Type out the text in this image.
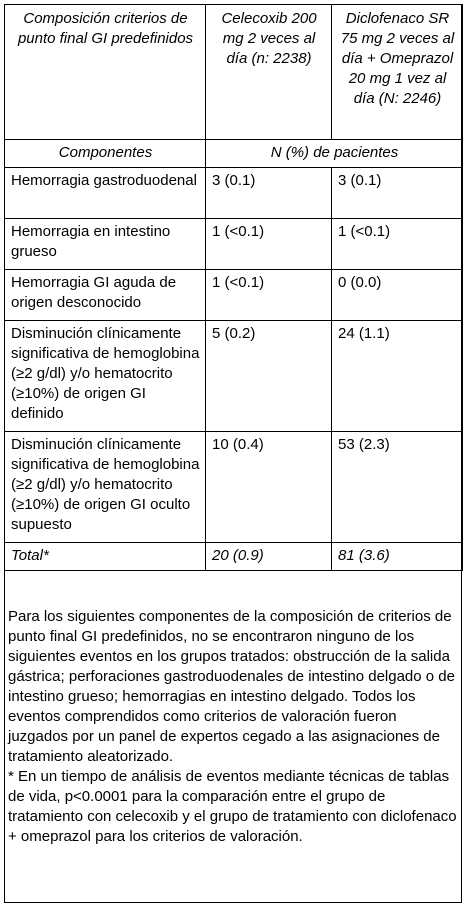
Composición criterios de punto final GI predefinidos	Celecoxib 200 mg 2 veces al día (n: 2238)	Diclofenaco SR 75 mg 2 veces al día + Omeprazol 20 mg 1 vez al día (N: 2246)
Componentes	N (%) de pacientes	
Hemorragia gastroduodenal	3 (0.1)	3 (0.1)
Hemorragia en intestino grueso	1 (<0.1)	1 (<0.1)
Hemorragia GI aguda de origen desconocido	1 (<0.1)	0 (0.0)
Disminución clínicamente significativa de hemoglobina (≥2 g/dl) y/o hematocrito (≥10%) de origen GI definido	5 (0.2)	24 (1.1)
Disminución clínicamente significativa de hemoglobina (≥2 g/dl) y/o hematocrito (≥10%) de origen GI oculto supuesto	10 (0.4)	53 (2.3)
Total*	20 (0.9)	81 (3.6)

Para los siguientes componentes de la composición de criterios de punto final GI predefinidos, no se encontraron ninguno de los siguientes eventos en los grupos tratados: obstrucción de la salida gástrica; perforaciones gastroduodenales de intestino delgado o de intestino grueso; hemorragias en intestino delgado. Todos los eventos comprendidos como criterios de valoración fueron juzgados por un panel de expertos cegado a las asignaciones de tratamiento aleatorizado.

* En un tiempo de análisis de eventos mediante técnicas de tablas de vida, p<0.0001 para la comparación entre el grupo de tratamiento con celecoxib y el grupo de tratamiento con diclofenaco + omeprazol para los criterios de valoración.
